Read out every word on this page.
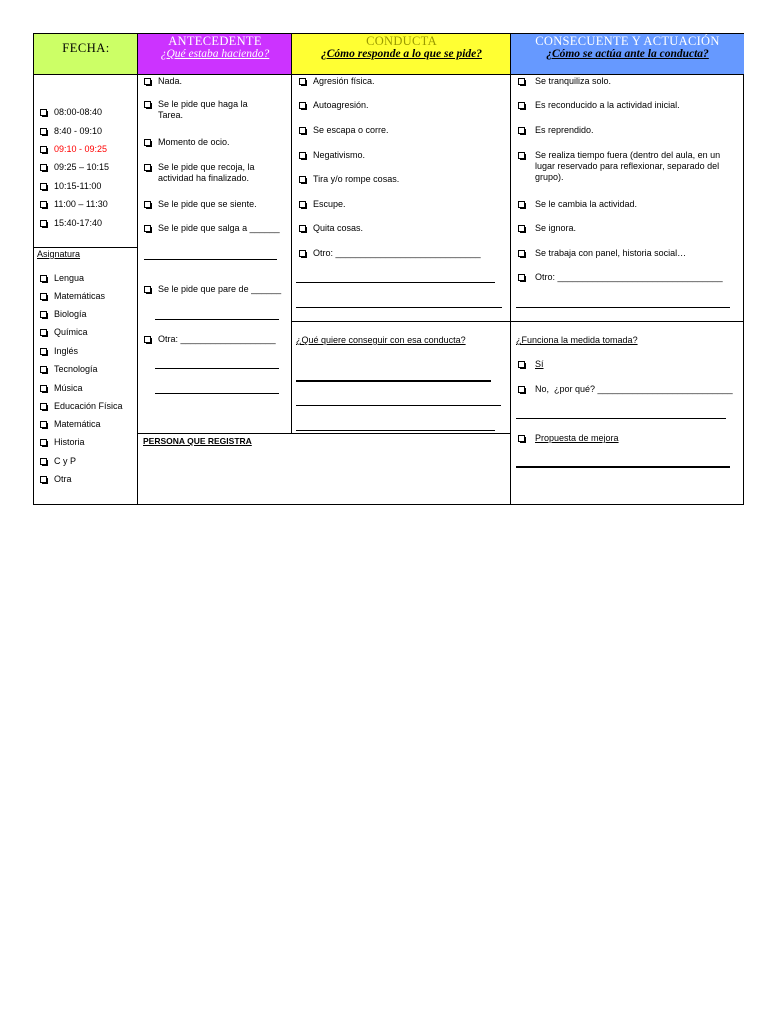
FECHA:	ANTECEDENTE
¿Qué estaba haciendo?
CONDUCTA
¿Cómo responde a lo que se pide?
CONSECUENTE Y ACTUACIÓN
¿Cómo se actúa ante la conducta?
08:00-08:40
8:40 - 09:10
09:10 - 09:25
09:25 – 10:15
10:15-11:00
11:00 – 11:30
15:40-17:40
Asignatura
Lengua
Matemáticas
Biología
Química
Inglés
Tecnología
Música
Educación Física
Matemática
Historia
C y P
Otra
Nada.
Se le pide que haga la
Tarea.
Momento de ocio.
Se le pide que recoja, la
actividad ha finalizado.
Se le pide que se siente.
Se le pide que salga a ______
Se le pide que pare de ______
Otra: ___________________
Agresión física.
Autoagresión.
Se escapa o corre.
Negativismo.
Tira y/o rompe cosas.
Escupe.
Quita cosas.
Otro: _____________________________
¿Qué quiere conseguir con esa conducta?
Se tranquiliza solo.
Es reconducido a la actividad inicial.
Es reprendido.
Se realiza tiempo fuera (dentro del aula, en un
lugar reservado para reflexionar, separado del
grupo).
Se le cambia la actividad.
Se ignora.
Se trabaja con panel, historia social…
Otro: _________________________________
¿Funciona la medida tomada?
Sí
No,  ¿por qué? ___________________________
Propuesta de mejora
PERSONA QUE REGISTRA
